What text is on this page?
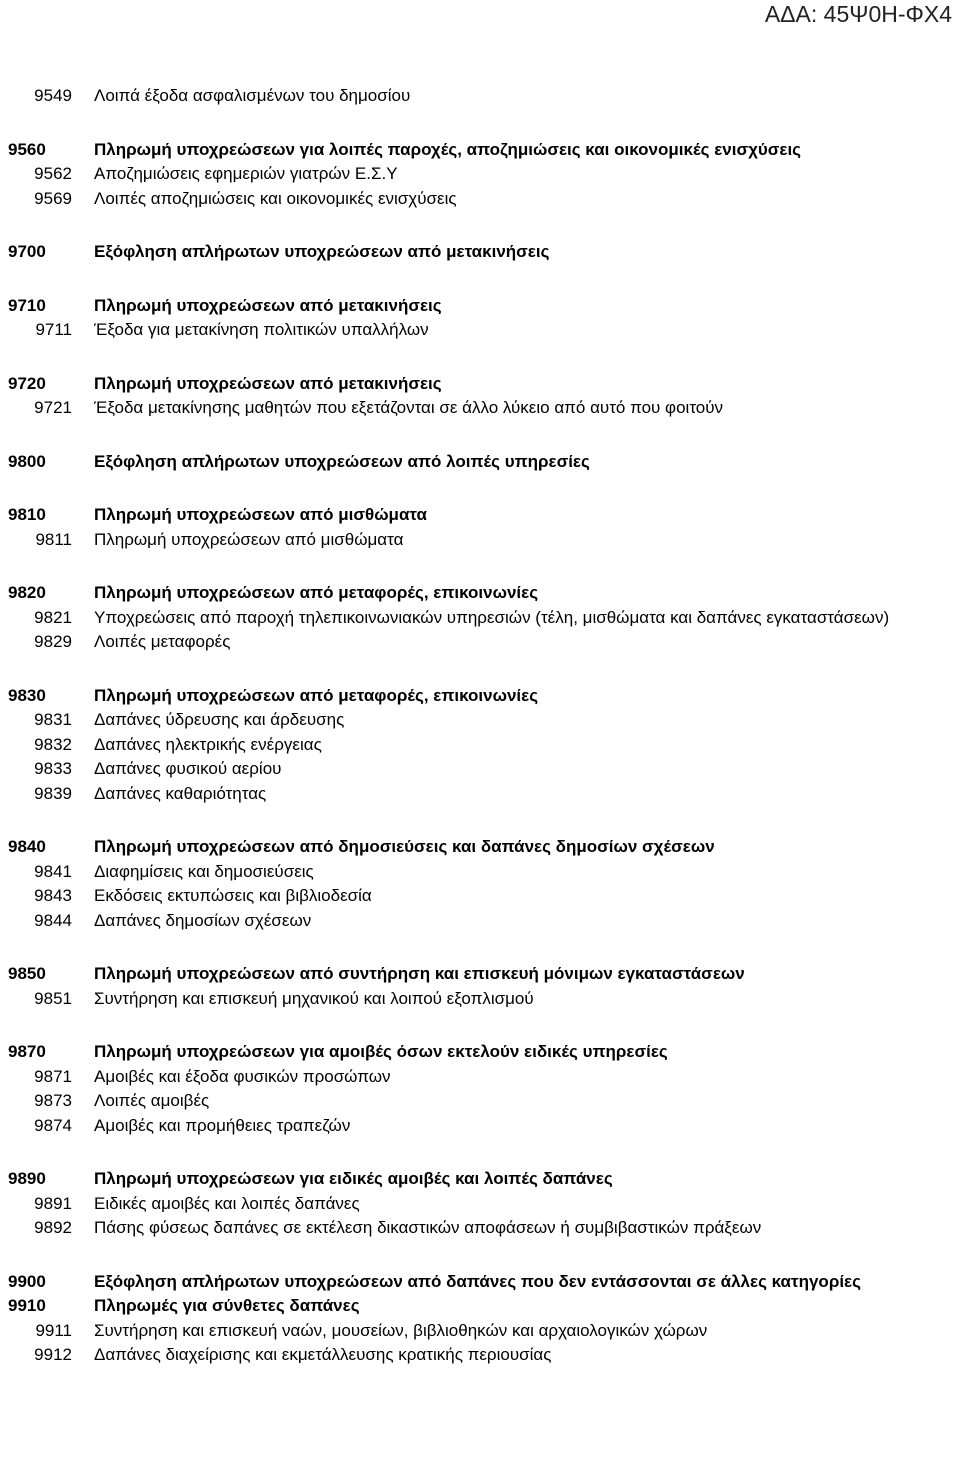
ΑΔΑ: 45Ψ0Η-ΦΧ4
9549 Λοιπά έξοδα ασφαλισμένων του δημοσίου
9560	Πληρωμή υποχρεώσεων για λοιπές παροχές, αποζημιώσεις και οικονομικές ενισχύσεις
9562 Αποζημιώσεις εφημεριών γιατρών Ε.Σ.Υ
9569 Λοιπές αποζημιώσεις και οικονομικές ενισχύσεις
9700	Εξόφληση απλήρωτων υποχρεώσεων από μετακινήσεις
9710	Πληρωμή υποχρεώσεων από μετακινήσεις
9711 Έξοδα για μετακίνηση πολιτικών υπαλλήλων
9720	Πληρωμή υποχρεώσεων από μετακινήσεις
9721 Έξοδα μετακίνησης μαθητών που εξετάζονται σε άλλο λύκειο από αυτό που φοιτούν
9800	Εξόφληση απλήρωτων υποχρεώσεων από λοιπές υπηρεσίες
9810	Πληρωμή υποχρεώσεων από μισθώματα
9811 Πληρωμή υποχρεώσεων από μισθώματα
9820	Πληρωμή υποχρεώσεων από μεταφορές, επικοινωνίες
9821 Υποχρεώσεις από παροχή τηλεπικοινωνιακών υπηρεσιών (τέλη, μισθώματα και δαπάνες εγκαταστάσεων)
9829 Λοιπές μεταφορές
9830	Πληρωμή υποχρεώσεων από μεταφορές, επικοινωνίες
9831 Δαπάνες ύδρευσης και άρδευσης
9832 Δαπάνες ηλεκτρικής ενέργειας
9833 Δαπάνες φυσικού αερίου
9839 Δαπάνες καθαριότητας
9840	Πληρωμή υποχρεώσεων από δημοσιεύσεις και δαπάνες δημοσίων σχέσεων
9841 Διαφημίσεις και δημοσιεύσεις
9843 Εκδόσεις εκτυπώσεις και βιβλιοδεσία
9844 Δαπάνες δημοσίων σχέσεων
9850	Πληρωμή υποχρεώσεων από συντήρηση και επισκευή μόνιμων εγκαταστάσεων
9851 Συντήρηση και επισκευή μηχανικού και λοιπού εξοπλισμού
9870	Πληρωμή υποχρεώσεων για αμοιβές όσων εκτελούν ειδικές υπηρεσίες
9871 Αμοιβές και έξοδα φυσικών προσώπων
9873 Λοιπές αμοιβές
9874 Αμοιβές και προμήθειες τραπεζών
9890	Πληρωμή υποχρεώσεων για ειδικές αμοιβές και λοιπές δαπάνες
9891 Ειδικές αμοιβές και λοιπές δαπάνες
9892 Πάσης φύσεως δαπάνες σε εκτέλεση δικαστικών αποφάσεων ή συμβιβαστικών πράξεων
9900	Εξόφληση απλήρωτων υποχρεώσεων από δαπάνες που δεν εντάσσονται σε άλλες κατηγορίες
9910	Πληρωμές για σύνθετες δαπάνες
9911 Συντήρηση και επισκευή ναών, μουσείων, βιβλιοθηκών και αρχαιολογικών χώρων
9912 Δαπάνες διαχείρισης και εκμετάλλευσης κρατικής περιουσίας
